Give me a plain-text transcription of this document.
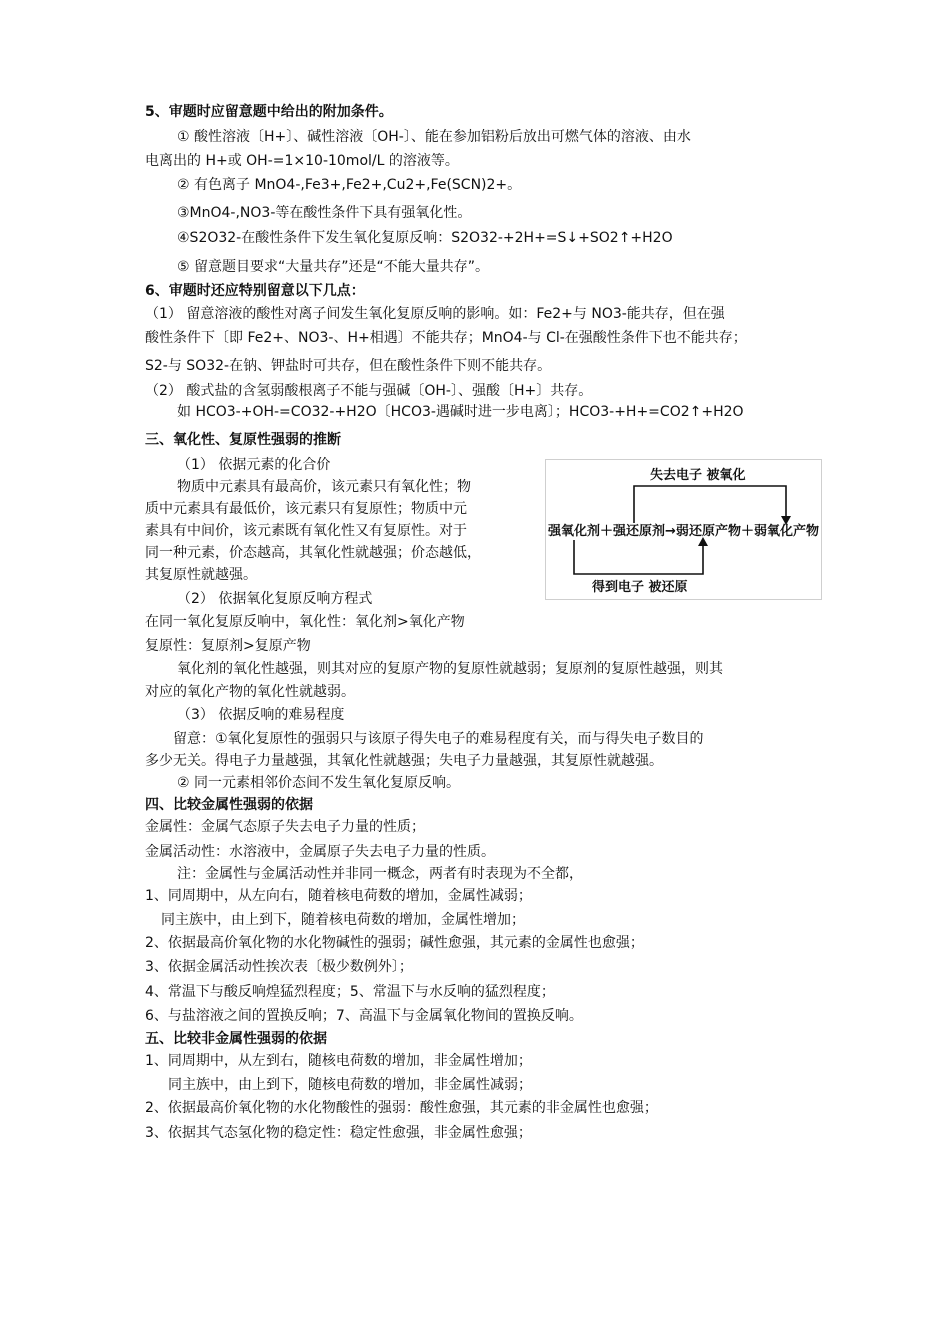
5、审题时应留意题中给出的附加条件。
① 酸性溶液〔H+〕、碱性溶液〔OH-〕、能在参加铝粉后放出可燃气体的溶液、由水
电离出的 H+或 OH-=1×10-10mol/L 的溶液等。
② 有色离子 MnO4-,Fe3+,Fe2+,Cu2+,Fe(SCN)2+。
③MnO4-,NO3-等在酸性条件下具有强氧化性。
④S2O32-在酸性条件下发生氧化复原反响：S2O32-+2H+=S↓+SO2↑+H2O
⑤ 留意题目要求“大量共存”还是“不能大量共存”。
6、审题时还应特别留意以下几点：
（1） 留意溶液的酸性对离子间发生氧化复原反响的影响。如：Fe2+与 NO3-能共存，但在强
酸性条件下〔即 Fe2+、NO3-、H+相遇〕不能共存；MnO4-与 Cl-在强酸性条件下也不能共存；
S2-与 SO32-在钠、钾盐时可共存，但在酸性条件下则不能共存。
（2） 酸式盐的含氢弱酸根离子不能与强碱〔OH-〕、强酸〔H+〕共存。
如 HCO3-+OH-=CO32-+H2O〔HCO3-遇碱时进一步电离〕；HCO3-+H+=CO2↑+H2O
三、氧化性、复原性强弱的推断
（1） 依据元素的化合价
物质中元素具有最高价，该元素只有氧化性；物
质中元素具有最低价，该元素只有复原性；物质中元
素具有中间价，该元素既有氧化性又有复原性。对于
同一种元素，价态越高，其氧化性就越强；价态越低，
其复原性就越强。
（2） 依据氧化复原反响方程式
在同一氧化复原反响中，氧化性：氧化剂>氧化产物
复原性：复原剂>复原产物
氧化剂的氧化性越强，则其对应的复原产物的复原性就越弱；复原剂的复原性越强，则其
对应的氧化产物的氧化性就越弱。
（3） 依据反响的难易程度
留意：①氧化复原性的强弱只与该原子得失电子的难易程度有关，而与得失电子数目的
多少无关。得电子力量越强，其氧化性就越强；失电子力量越强，其复原性就越强。
② 同一元素相邻价态间不发生氧化复原反响。
四、比较金属性强弱的依据
金属性：金属气态原子失去电子力量的性质；
金属活动性：水溶液中，金属原子失去电子力量的性质。
注：金属性与金属活动性并非同一概念，两者有时表现为不全都，
1、同周期中，从左向右，随着核电荷数的增加，金属性减弱；
同主族中，由上到下，随着核电荷数的增加，金属性增加；
2、依据最高价氧化物的水化物碱性的强弱；碱性愈强，其元素的金属性也愈强；
3、依据金属活动性挨次表〔极少数例外〕；
4、常温下与酸反响煌猛烈程度；5、常温下与水反响的猛烈程度；
6、与盐溶液之间的置换反响；7、高温下与金属氧化物间的置换反响。
五、比较非金属性强弱的依据
1、同周期中，从左到右，随核电荷数的增加，非金属性增加；
同主族中，由上到下，随核电荷数的增加，非金属性减弱；
2、依据最高价氧化物的水化物酸性的强弱：酸性愈强，其元素的非金属性也愈强；
3、依据其气态氢化物的稳定性：稳定性愈强，非金属性愈强；
失去电子 被氧化
强氧化剂＋强还原剂→弱还原产物＋弱氧化产物
得到电子 被还原
